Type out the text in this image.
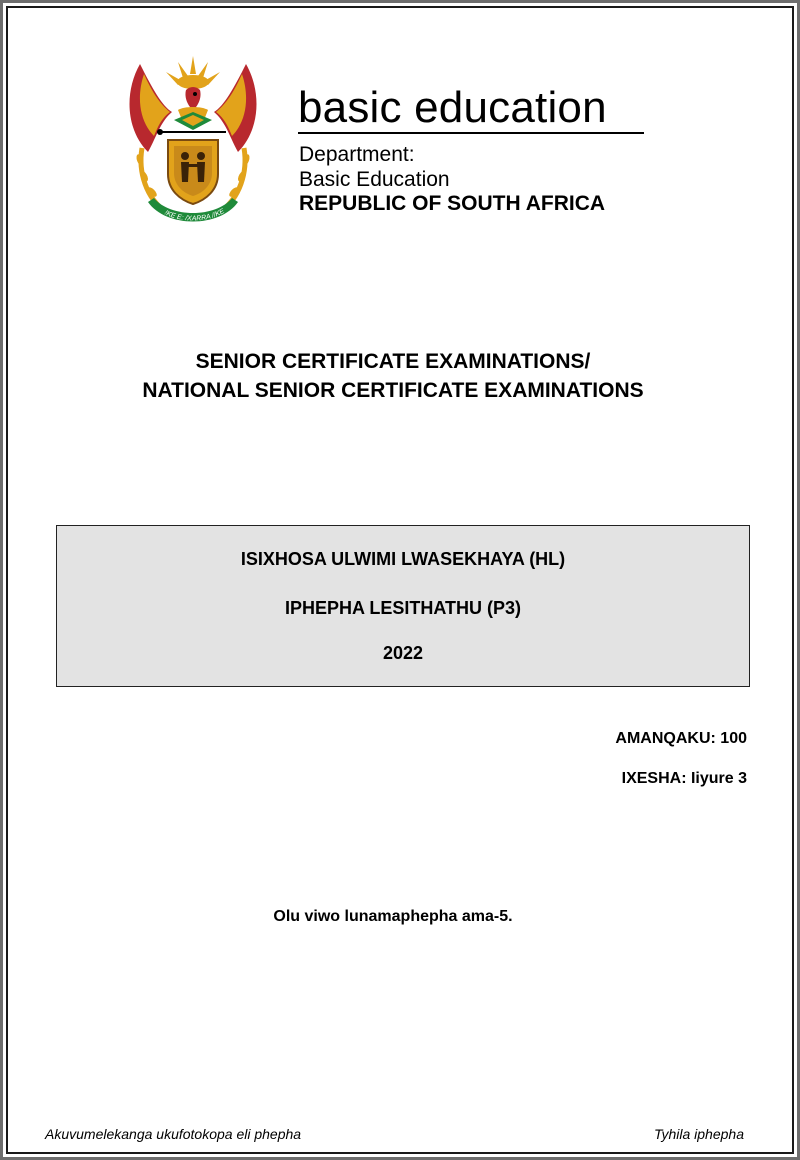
!KE E: /XARRA //KE
basic education
Department:
Basic Education
REPUBLIC OF SOUTH AFRICA
SENIOR CERTIFICATE EXAMINATIONS/
NATIONAL SENIOR CERTIFICATE EXAMINATIONS
ISIXHOSA ULWIMI LWASEKHAYA (HL)
IPHEPHA LESITHATHU (P3)
2022
AMANQAKU: 100
IXESHA: Iiyure 3
Olu viwo lunamaphepha ama-5.
Akuvumelekanga ukufotokopa eli phepha	Tyhila iphepha
